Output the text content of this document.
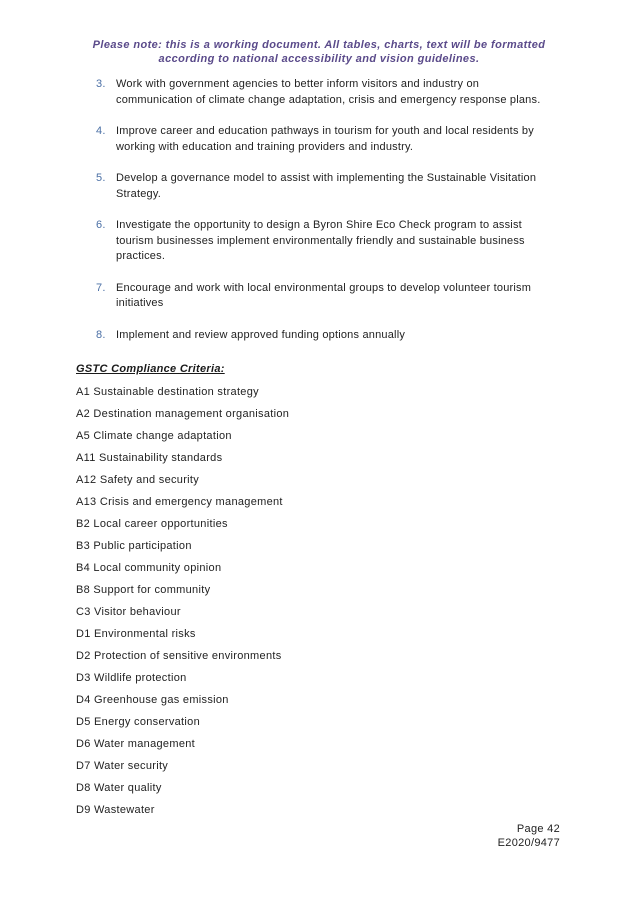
Please note: this is a working document. All tables, charts, text will be formatted
according to national accessibility and vision guidelines.
3. Work with government agencies to better inform visitors and industry on
communication of climate change adaptation, crisis and emergency response plans.
4. Improve career and education pathways in tourism for youth and local residents by
working with education and training providers and industry.
5. Develop a governance model to assist with implementing the Sustainable Visitation
Strategy.
6. Investigate the opportunity to design a Byron Shire Eco Check program to assist
tourism businesses implement environmentally friendly and sustainable business
practices.
7. Encourage and work with local environmental groups to develop volunteer tourism
initiatives
8. Implement and review approved funding options annually
GSTC Compliance Criteria:
A1 Sustainable destination strategy
A2 Destination management organisation
A5 Climate change adaptation
A11 Sustainability standards
A12 Safety and security
A13 Crisis and emergency management
B2 Local career opportunities
B3 Public participation
B4 Local community opinion
B8 Support for community
C3 Visitor behaviour
D1 Environmental risks
D2 Protection of sensitive environments
D3 Wildlife protection
D4 Greenhouse gas emission
D5 Energy conservation
D6 Water management
D7 Water security
D8 Water quality
D9 Wastewater
Page 42
E2020/9477
